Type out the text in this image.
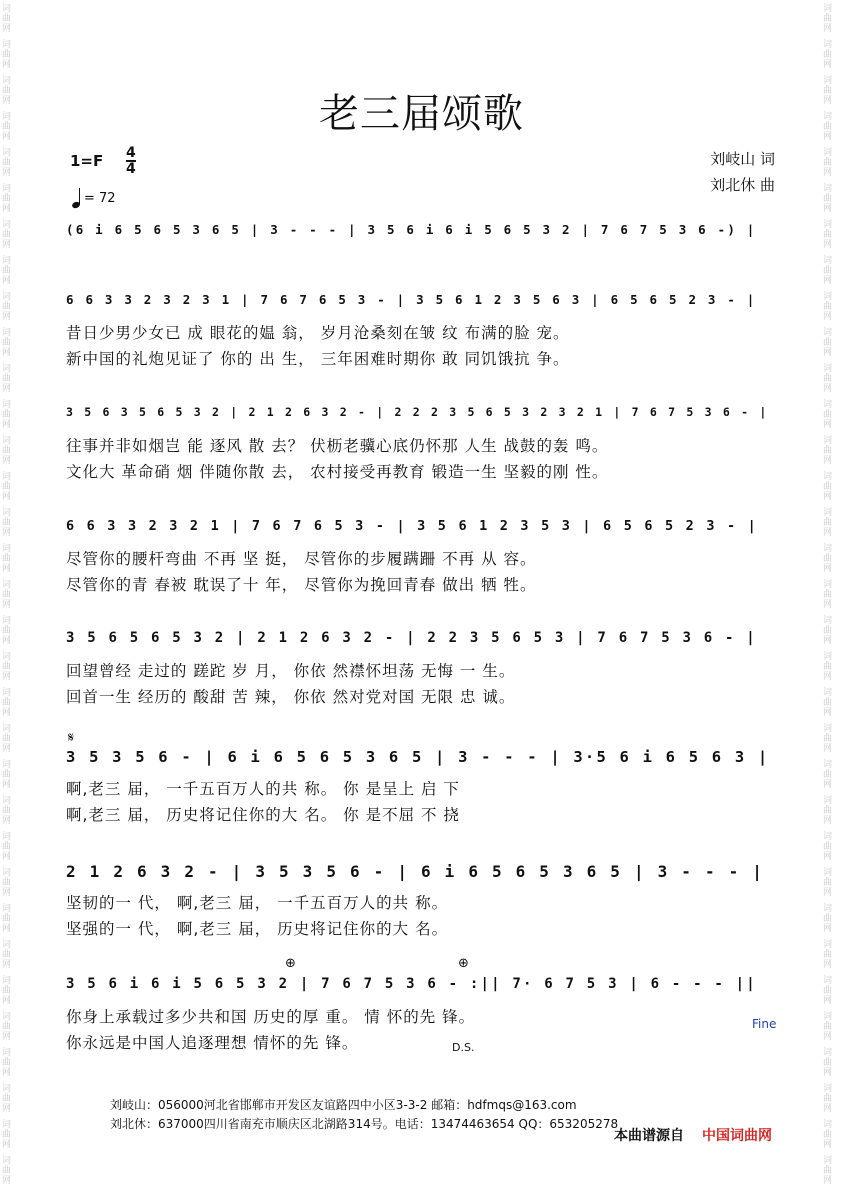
词
曲
网
词
曲
网
词
曲
网
词
曲
网
词
曲
网
词
曲
网
词
曲
网
词
曲
网
词
曲
网
词
曲
网
词
曲
网
词
曲
网
词
曲
网
词
曲
网
词
曲
网
词
曲
网
词
曲
网
词
曲
网
词
曲
网
词
曲
网
词
曲
网
词
曲
网
词
曲
网
词
曲
网
词
曲
网
词
曲
网
词
曲
网
词
曲
网
词
曲
网
词
曲
网
词
曲
网
词
曲
网
词
曲
网
词
曲
网
词
曲
网
词
曲
网
词
曲
网
词
曲
网
词
曲
网
词
曲
网
词
曲
网
词
曲
网
词
曲
网
词
曲
网
词
曲
网
词
曲
网
词
曲
网
词
曲
网
词
曲
网
词
曲
网
词
曲
网
词
曲
网
词
曲
网
词
曲
网
词
曲
网
词
曲
网
词
曲
网
词
曲
网
词
曲
网
词
曲
网
词
曲
网
词
曲
网
词
曲
网
词
曲
网
词
曲
网
词
曲
网
老三届颂歌
1=F 4
4
= 72
刘岐山 词
刘北休 曲
(6 i 6 5 6 5 3 6 5 | 3 - - - | 3 5 6 i 6 i 5 6 5 3 2 | 7 6 7 5 3 6 -) |
6 6 3 3 2 3 2 3 1 | 7 6 7 6 5 3 - | 3 5 6 1 2 3 5 6 3 | 6 5 6 5 2 3 - |
昔日少男少女已 成 眼花的媪 翁， 岁月沧桑刻在皱 纹 布满的脸 宠。
新中国的礼炮见证了 你的 出 生， 三年困难时期你 敢 同饥饿抗 争。
3 5 6 3 5 6 5 3 2 | 2 1 2 6 3 2 - | 2 2 2 3 5 6 5 3 2 3 2 1 | 7 6 7 5 3 6 - |
往事并非如烟岂 能 逐风 散 去？ 伏枥老骥心底仍怀那 人生 战鼓的轰 鸣。
文化大 革命硝 烟 伴随你散 去， 农村接受再教育 锻造一生 坚毅的刚 性。
6 6 3 3 2 3 2 1 | 7 6 7 6 5 3 - | 3 5 6 1 2 3 5 3 | 6 5 6 5 2 3 - |
尽管你的腰杆弯曲 不再 坚 挺， 尽管你的步履蹒跚 不再 从 容。
尽管你的青 春被 耽误了十 年， 尽管你为挽回青春 做出 牺 牲。
3 5 6 5 6 5 3 2 | 2 1 2 6 3 2 - | 2 2 3 5 6 5 3 | 7 6 7 5 3 6 - |
回望曾经 走过的 蹉跎 岁 月， 你依 然襟怀坦荡 无悔 一 生。
回首一生 经历的 酸甜 苦 辣， 你依 然对党对国 无限 忠 诚。
3 5 3 5 6 - | 6 i 6 5 6 5 3 6 5 | 3 - - - | 3·5 6 i 6 5 6 3 |
啊,老三 届， 一千五百万人的共 称。 你 是呈上 启 下
啊,老三 届， 历史将记住你的大 名。 你 是不屈 不 挠
2 1 2 6 3 2 - | 3 5 3 5 6 - | 6 i 6 5 6 5 3 6 5 | 3 - - - |
坚韧的一 代， 啊,老三 届， 一千五百万人的共 称。
坚强的一 代， 啊,老三 届， 历史将记住你的大 名。
3 5 6 i 6 i 5 6 5 3 2 | 7 6 7 5 3 6 - :|| 7· 6 7 5 3 | 6 - - - ||
你身上承载过多少共和国 历史的厚 重。 情 怀的先 锋。
你永远是中国人追逐理想 情怀的先 锋。
𝄋
⊕	⊕
Fine
D.S.
刘岐山：056000河北省邯郸市开发区友谊路四中小区3-3-2 邮箱：hdfmqs@163.com
刘北休：637000四川省南充市顺庆区北湖路314号。电话：13474463654 QQ：653205278
本曲谱源自 中国词曲网
